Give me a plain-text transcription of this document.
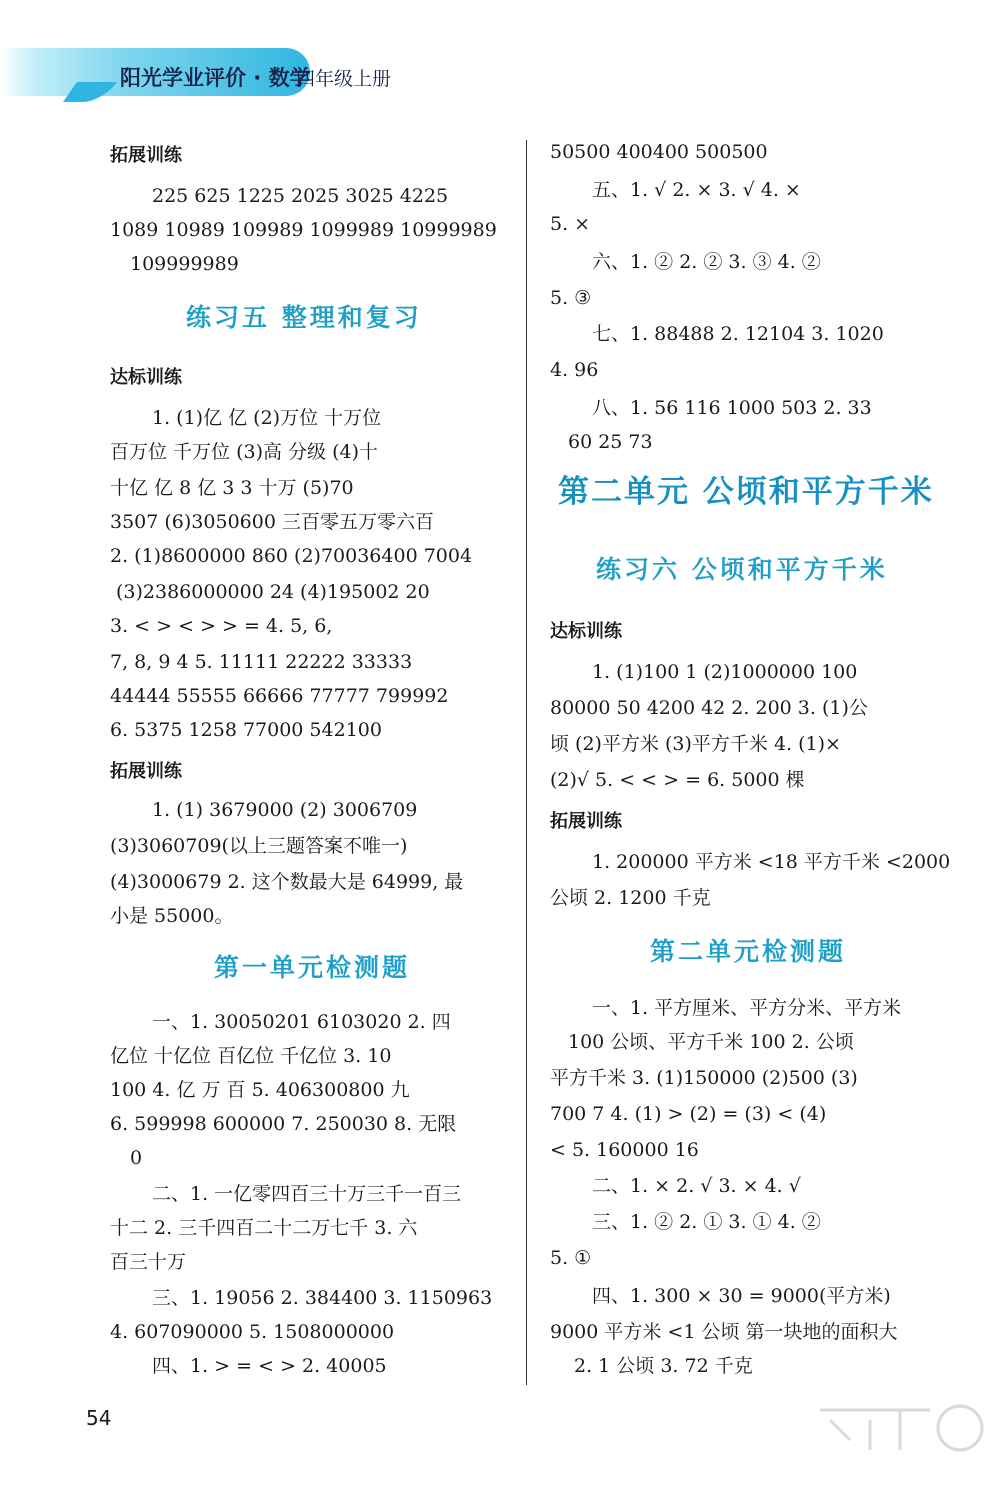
阳光学业评价 · 数学
四年级上册
拓展训练
225 625 1225 2025 3025 4225
1089 10989 109989 1099989 10999989
109999989
练习五 整理和复习
达标训练
1. (1)亿 亿 (2)万位 十万位
百万位 千万位 (3)高 分级 (4)十
十亿 亿 8 亿 3 3 十万 (5)70
3507 (6)3050600 三百零五万零六百
2. (1)8600000 860 (2)70036400 7004
(3)2386000000 24 (4)195002 20
3. < > < > > = 4. 5, 6,
7, 8, 9 4 5. 11111 22222 33333
44444 55555 66666 77777 799992
6. 5375 1258 77000 542100
拓展训练
1. (1) 3679000 (2) 3006709
(3)3060709(以上三题答案不唯一)
(4)3000679 2. 这个数最大是 64999, 最
小是 55000。
第一单元检测题
一、1. 30050201 6103020 2. 四
亿位 十亿位 百亿位 千亿位 3. 10
100 4. 亿 万 百 5. 406300800 九
6. 599998 600000 7. 250030 8. 无限
0
二、1. 一亿零四百三十万三千一百三
十二 2. 三千四百二十二万七千 3. 六
百三十万
三、1. 19056 2. 384400 3. 1150963
4. 607090000 5. 1508000000
四、1. > = < > 2. 40005
50500 400400 500500
五、1. √ 2. × 3. √ 4. ×
5. ×
六、1. ② 2. ② 3. ③ 4. ②
5. ③
七、1. 88488 2. 12104 3. 1020
4. 96
八、1. 56 116 1000 503 2. 33
60 25 73
第二单元 公顷和平方千米
练习六 公顷和平方千米
达标训练
1. (1)100 1 (2)1000000 100
80000 50 4200 42 2. 200 3. (1)公
顷 (2)平方米 (3)平方千米 4. (1)×
(2)√ 5. < < > = 6. 5000 棵
拓展训练
1. 200000 平方米 <18 平方千米 <2000
公顷 2. 1200 千克
第二单元检测题
一、1. 平方厘米、平方分米、平方米
100 公顷、平方千米 100 2. 公顷
平方千米 3. (1)150000 (2)500 (3)
700 7 4. (1) > (2) = (3) < (4)
< 5. 160000 16
二、1. × 2. √ 3. × 4. √
三、1. ② 2. ① 3. ① 4. ②
5. ①
四、1. 300 × 30 = 9000(平方米)
9000 平方米 <1 公顷 第一块地的面积大
2. 1 公顷 3. 72 千克
54
